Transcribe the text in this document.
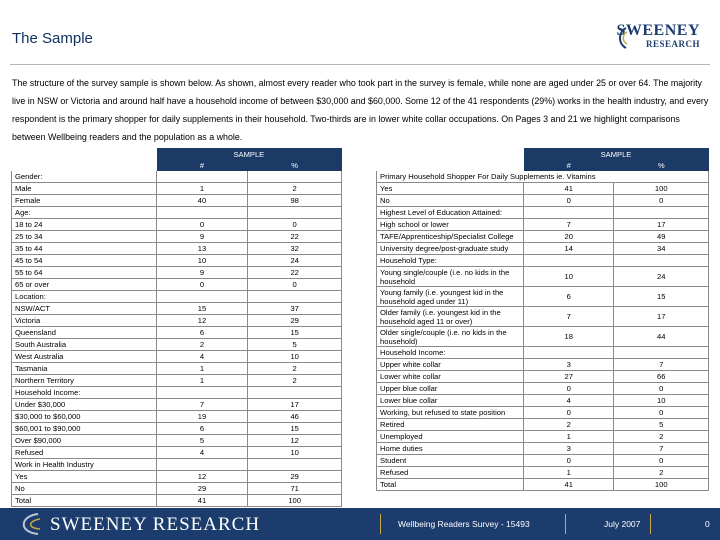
The Sample	SWEENEY
RESEARCH
The structure of the survey sample is shown below. As shown, almost every reader who took part in the survey is female, while none are aged under 25 or over 64. The majority live in NSW or Victoria and around half have a household income of between $30,000 and $60,000. Some 12 of the 41 respondents (29%) works in the health industry, and every respondent is the primary shopper for daily supplements in their household. Two-thirds are in lower white collar occupations. On Pages 3 and 21 we highlight comparisons between Wellbeing readers and the population as a whole.
	SAMPLE	
	#	%
Gender:		
Male	1	2
Female	40	98
Age:		
18 to 24	0	0
25 to 34	9	22
35 to 44	13	32
45 to 54	10	24
55 to 64	9	22
65 or over	0	0
Location:		
NSW/ACT	15	37
Victoria	12	29
Queensland	6	15
South Australia	2	5
West Australia	4	10
Tasmania	1	2
Northern Territory	1	2
Household Income:		
Under $30,000	7	17
$30,000 to $60,000	19	46
$60,001 to $90,000	6	15
Over $90,000	5	12
Refused	4	10
Work in Health Industry		
Yes	12	29
No	29	71
Total	41	100
	SAMPLE	
	#	%
Primary Household Shopper For Daily Supplements ie. Vitamins		
Yes	41	100
No	0	0
Highest Level of Education Attained:		
High school or lower	7	17
TAFE/Apprenticeship/Specialist College	20	49
University degree/post-graduate study	14	34
Household Type:		
Young single/couple (i.e. no kids in the household	10	24
Young family (i.e. youngest kid in the household aged under 11)	6	15
Older family (i.e. youngest kid in the household aged 11 or over)	7	17
Older single/couple (i.e. no kids in the household)	18	44
Household Income:		
Upper white collar	3	7
Lower white collar	27	66
Upper blue collar	0	0
Lower blue collar	4	10
Working, but refused to state position	0	0
Retired	2	5
Unemployed	1	2
Home duties	3	7
Student	0	0
Refused	1	2
Total	41	100
SWEENEY RESEARCH	Wellbeing Readers Survey - 15493	July 2007	0
